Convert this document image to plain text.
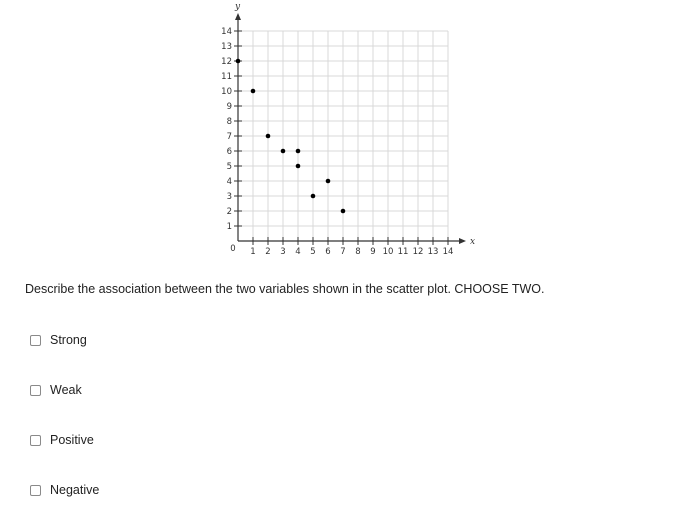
x
y
0 1 2 3 4 5 6 7 8 9 10 11 12 13 14
1
2
3
4
5
6
7
8
9
10
11
12
13
14
Describe the association between the two variables shown in the scatter plot. CHOOSE TWO.
Strong
Weak
Positive
Negative
